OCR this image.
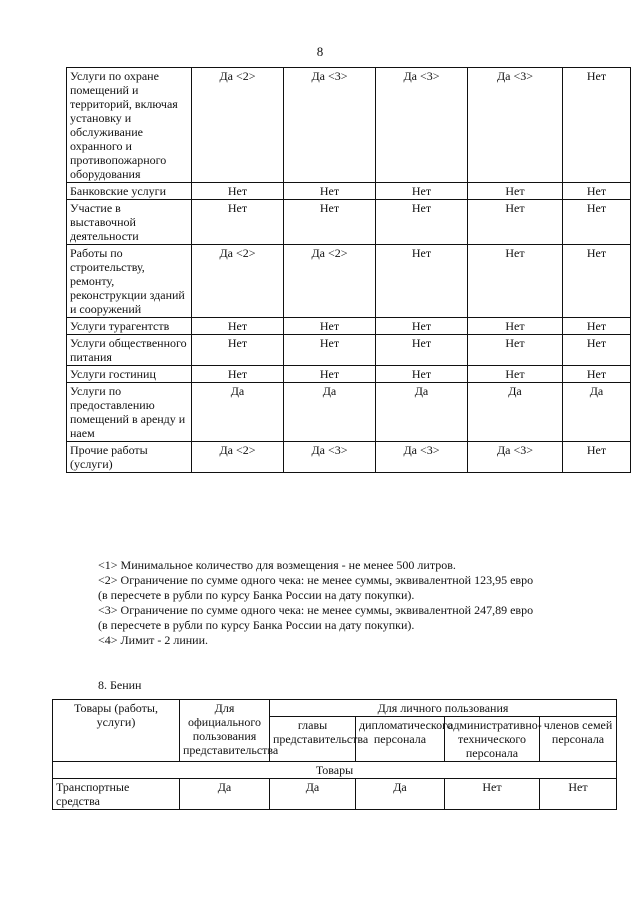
8
Услуги по охране помещений и территорий, включая установку и обслуживание охранного и противопожарного оборудования	Да <2>	Да <3>	Да <3>	Да <3>	Нет
Банковские услуги	Нет	Нет	Нет	Нет	Нет
Участие в выставочной деятельности	Нет	Нет	Нет	Нет	Нет
Работы по строительству, ремонту, реконструкции зданий и сооружений	Да <2>	Да <2>	Нет	Нет	Нет
Услуги турагентств	Нет	Нет	Нет	Нет	Нет
Услуги общественного питания	Нет	Нет	Нет	Нет	Нет
Услуги гостиниц	Нет	Нет	Нет	Нет	Нет
Услуги по предоставлению помещений в аренду и наем	Да	Да	Да	Да	Да
Прочие работы (услуги)	Да <2>	Да <3>	Да <3>	Да <3>	Нет

<1> Минимальное количество для возмещения - не менее 500 литров.

<2> Ограничение по сумме одного чека: не менее суммы, эквивалентной 123,95 евро

(в пересчете в рубли по курсу Банка России на дату покупки).

<3> Ограничение по сумме одного чека: не менее суммы, эквивалентной 247,89 евро

(в пересчете в рубли по курсу Банка России на дату покупки).

<4> Лимит - 2 линии.

8. Бенин
Товары (работы, услуги)	Для официального пользования представительства	Для личного пользования			
		главы представительства	дипломатического персонала	административно-технического персонала	членов семей персонала
Товары					
Транспортные средства	Да	Да	Да	Нет	Нет
